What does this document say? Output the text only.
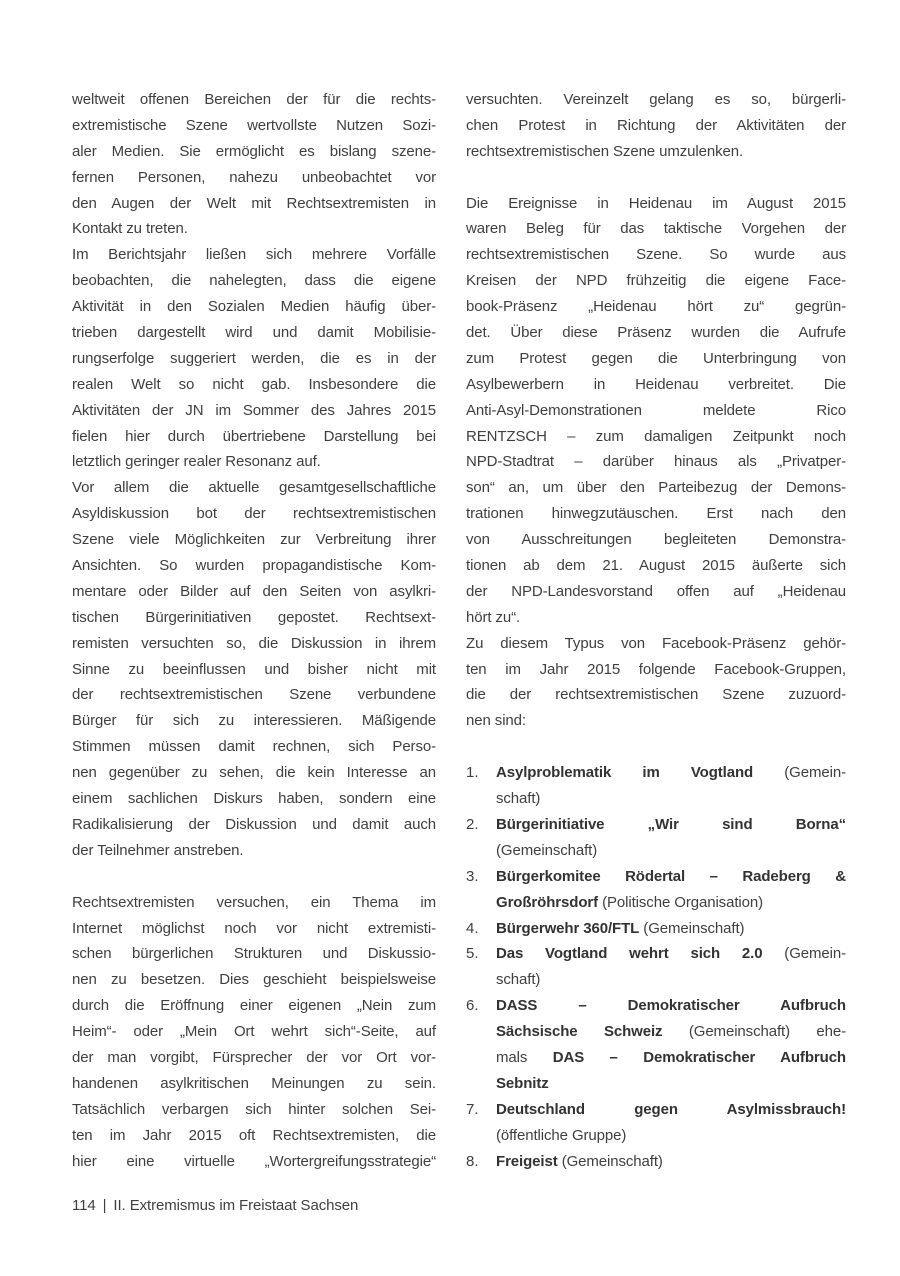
weltweit offenen Bereichen der für die rechts-
extremistische Szene wertvollste Nutzen Sozi-
aler Medien. Sie ermöglicht es bislang szene-
fernen Personen, nahezu unbeobachtet vor
den Augen der Welt mit Rechtsextremisten in
Kontakt zu treten.
Im Berichtsjahr ließen sich mehrere Vorfälle
beobachten, die nahelegten, dass die eigene
Aktivität in den Sozialen Medien häufig über-
trieben dargestellt wird und damit Mobilisie-
rungserfolge suggeriert werden, die es in der
realen Welt so nicht gab. Insbesondere die
Aktivitäten der JN im Sommer des Jahres 2015
fielen hier durch übertriebene Darstellung bei
letztlich geringer realer Resonanz auf.
Vor allem die aktuelle gesamtgesellschaftliche
Asyldiskussion bot der rechtsextremistischen
Szene viele Möglichkeiten zur Verbreitung ihrer
Ansichten. So wurden propagandistische Kom-
mentare oder Bilder auf den Seiten von asylkri-
tischen Bürgerinitiativen gepostet. Rechtsext-
remisten versuchten so, die Diskussion in ihrem
Sinne zu beeinflussen und bisher nicht mit
der rechtsextremistischen Szene verbundene
Bürger für sich zu interessieren. Mäßigende
Stimmen müssen damit rechnen, sich Perso-
nen gegenüber zu sehen, die kein Interesse an
einem sachlichen Diskurs haben, sondern eine
Radikalisierung der Diskussion und damit auch
der Teilnehmer anstreben.
Rechtsextremisten versuchen, ein Thema im
Internet möglichst noch vor nicht extremisti-
schen bürgerlichen Strukturen und Diskussio-
nen zu besetzen. Dies geschieht beispielsweise
durch die Eröffnung einer eigenen „Nein zum
Heim“- oder „Mein Ort wehrt sich“-Seite, auf
der man vorgibt, Fürsprecher der vor Ort vor-
handenen asylkritischen Meinungen zu sein.
Tatsächlich verbargen sich hinter solchen Sei-
ten im Jahr 2015 oft Rechtsextremisten, die
hier eine virtuelle „Wortergreifungsstrategie“
versuchten. Vereinzelt gelang es so, bürgerli-
chen Protest in Richtung der Aktivitäten der
rechtsextremistischen Szene umzulenken.
Die Ereignisse in Heidenau im August 2015
waren Beleg für das taktische Vorgehen der
rechtsextremistischen Szene. So wurde aus
Kreisen der NPD frühzeitig die eigene Face-
book-Präsenz „Heidenau hört zu“ gegrün-
det. Über diese Präsenz wurden die Aufrufe
zum Protest gegen die Unterbringung von
Asylbewerbern in Heidenau verbreitet. Die
Anti-Asyl-Demonstrationen meldete Rico
RENTZSCH – zum damaligen Zeitpunkt noch
NPD-Stadtrat – darüber hinaus als „Privatper-
son“ an, um über den Parteibezug der Demons-
trationen hinwegzutäuschen. Erst nach den
von Ausschreitungen begleiteten Demonstra-
tionen ab dem 21. August 2015 äußerte sich
der NPD-Landesvorstand offen auf „Heidenau
hört zu“.
Zu diesem Typus von Facebook-Präsenz gehör-
ten im Jahr 2015 folgende Facebook-Gruppen,
die der rechtsextremistischen Szene zuzuord-
nen sind:
1.	Asylproblematik im Vogtland (Gemein-
schaft)
2.	Bürgerinitiative „Wir sind Borna“
(Gemeinschaft)
3.	Bürgerkomitee Rödertal – Radeberg &
Großröhrsdorf (Politische Organisation)
4.	Bürgerwehr 360/FTL (Gemeinschaft)
5.	Das Vogtland wehrt sich 2.0 (Gemein-
schaft)
6.	DASS – Demokratischer Aufbruch
Sächsische Schweiz (Gemeinschaft) ehe-
mals DAS – Demokratischer Aufbruch
Sebnitz
7.	Deutschland gegen Asylmissbrauch!
(öffentliche Gruppe)
8.	Freigeist (Gemeinschaft)
114 | II. Extremismus im Freistaat Sachsen
